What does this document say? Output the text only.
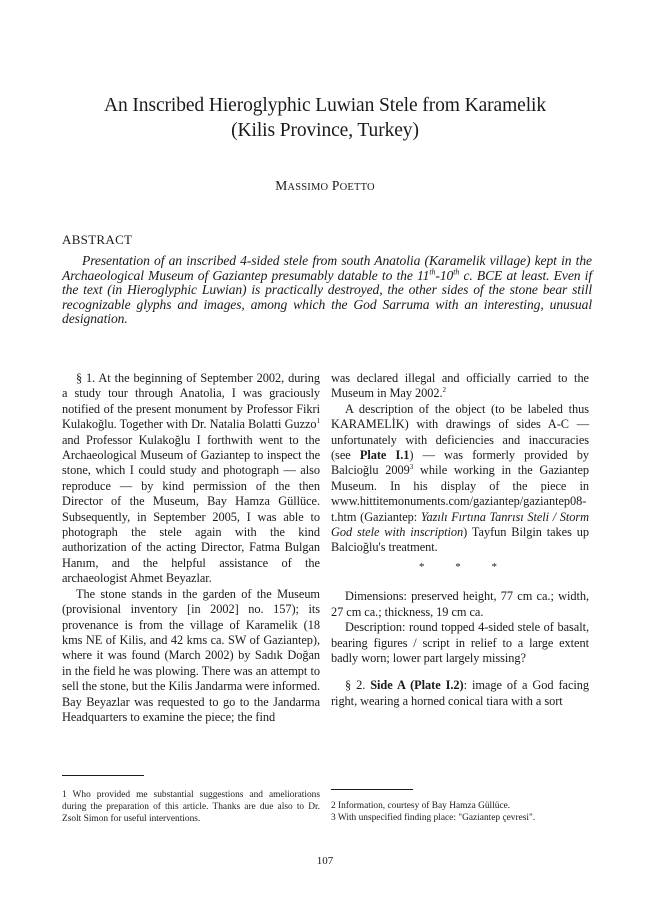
An Inscribed Hieroglyphic Luwian Stele from Karamelik
(Kilis Province, Turkey)
MASSIMO POETTO
ABSTRACT

Presentation of an inscribed 4-sided stele from south Anatolia (Karamelik village) kept in the Archaeological Museum of Gaziantep presumably datable to the 11th-10th c. BCE at least. Even if the text (in Hieroglyphic Luwian) is practically destroyed, the other sides of the stone bear still recognizable glyphs and images, among which the God Sarruma with an interesting, unusual designation.

§ 1. At the beginning of September 2002, during a study tour through Anatolia, I was graciously notified of the present monument by Professor Fikri Kulakoğlu. Together with Dr. Natalia Bolatti Guzzo$^1$ and Professor Kulakoğlu I forthwith went to the Archaeological Museum of Gaziantep to inspect the stone, which I could study and photograph — also reproduce — by kind permission of the then Director of the Museum, Bay Hamza Güllüce. Subsequently, in September 2005, I was able to photograph the stele again with the kind authorization of the acting Director, Fatma Bulgan Hanım, and the helpful assistance of the archaeologist Ahmet Beyazlar.

The stone stands in the garden of the Museum (provisional inventory [in 2002] no. 157); its provenance is from the village of Karamelik (18 kms NE of Kilis, and 42 kms ca. SW of Gaziantep), where it was found (March 2002) by Sadık Doğan in the field he was plowing. There was an attempt to sell the stone, but the Kilis Jandarma were informed. Bay Beyazlar was requested to go to the Jandarma Headquarters to examine the piece; the find

was declared illegal and officially carried to the Museum in May 2002.$^2$

A description of the object (to be labeled thus KARAMELİK) with drawings of sides A-C — unfortunately with deficiencies and inaccuracies (see Plate I.1) — was formerly provided by Balcioğlu 2009$^3$ while working in the Gaziantep Museum. In his display of the piece in www.hittitemonuments.com/gaziantep/gaziantep08-t.htm (Gaziantep: Yazılı Fırtına Tanrısı Steli / Storm God stele with inscription) Tayfun Bilgin takes up Balcioğlu's treatment.

* * *

Dimensions: preserved height, 77 cm ca.; width, 27 cm ca.; thickness, 19 cm ca.

Description: round topped 4-sided stele of basalt, bearing figures / script in relief to a large extent badly worn; lower part largely missing?

§ 2. Side A (Plate I.2): image of a God facing right, wearing a horned conical tiara with a sort

1 Who provided me substantial suggestions and ameliorations during the preparation of this article. Thanks are due also to Dr. Zsolt Simon for useful interventions.

2 Information, courtesy of Bay Hamza Güllüce.
3 With unspecified finding place: "Gaziantep çevresi".
107
